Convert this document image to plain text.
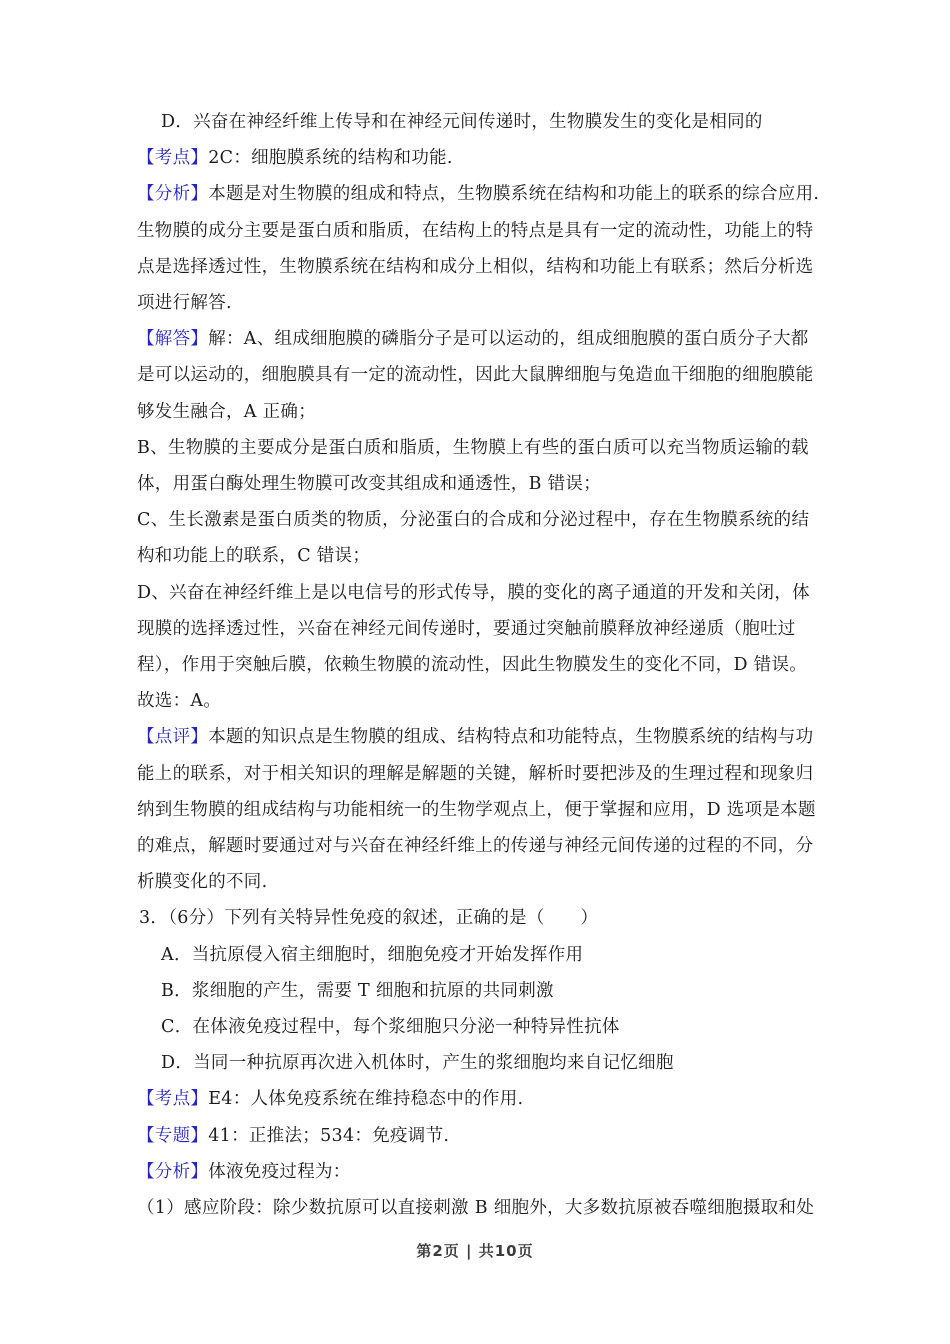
D．兴奋在神经纤维上传导和在神经元间传递时，生物膜发生的变化是相同的

【考点】2C：细胞膜系统的结构和功能.

【分析】本题是对生物膜的组成和特点，生物膜系统在结构和功能上的联系的综合应用.

生物膜的成分主要是蛋白质和脂质，在结构上的特点是具有一定的流动性，功能上的特

点是选择透过性，生物膜系统在结构和成分上相似，结构和功能上有联系；然后分析选

项进行解答.

【解答】解：A、组成细胞膜的磷脂分子是可以运动的，组成细胞膜的蛋白质分子大都

是可以运动的，细胞膜具有一定的流动性，因此大鼠脾细胞与兔造血干细胞的细胞膜能

够发生融合，A 正确；

B、生物膜的主要成分是蛋白质和脂质，生物膜上有些的蛋白质可以充当物质运输的载

体，用蛋白酶处理生物膜可改变其组成和通透性，B 错误；

C、生长激素是蛋白质类的物质，分泌蛋白的合成和分泌过程中，存在生物膜系统的结

构和功能上的联系，C 错误；

D、兴奋在神经纤维上是以电信号的形式传导，膜的变化的离子通道的开发和关闭，体

现膜的选择透过性，兴奋在神经元间传递时，要通过突触前膜释放神经递质（胞吐过

程），作用于突触后膜，依赖生物膜的流动性，因此生物膜发生的变化不同，D 错误。

故选：A。

【点评】本题的知识点是生物膜的组成、结构特点和功能特点，生物膜系统的结构与功

能上的联系，对于相关知识的理解是解题的关键，解析时要把涉及的生理过程和现象归

纳到生物膜的组成结构与功能相统一的生物学观点上，便于掌握和应用，D 选项是本题

的难点，解题时要通过对与兴奋在神经纤维上的传递与神经元间传递的过程的不同，分

析膜变化的不同.

3．（6分）下列有关特异性免疫的叙述，正确的是（　　）

A．当抗原侵入宿主细胞时，细胞免疫才开始发挥作用

B．浆细胞的产生，需要 T 细胞和抗原的共同刺激

C．在体液免疫过程中，每个浆细胞只分泌一种特异性抗体

D．当同一种抗原再次进入机体时，产生的浆细胞均来自记忆细胞

【考点】E4：人体免疫系统在维持稳态中的作用.

【专题】41：正推法；534：免疫调节.

【分析】体液免疫过程为：

（1）感应阶段：除少数抗原可以直接刺激 B 细胞外，大多数抗原被吞噬细胞摄取和处

第2页 | 共10页
